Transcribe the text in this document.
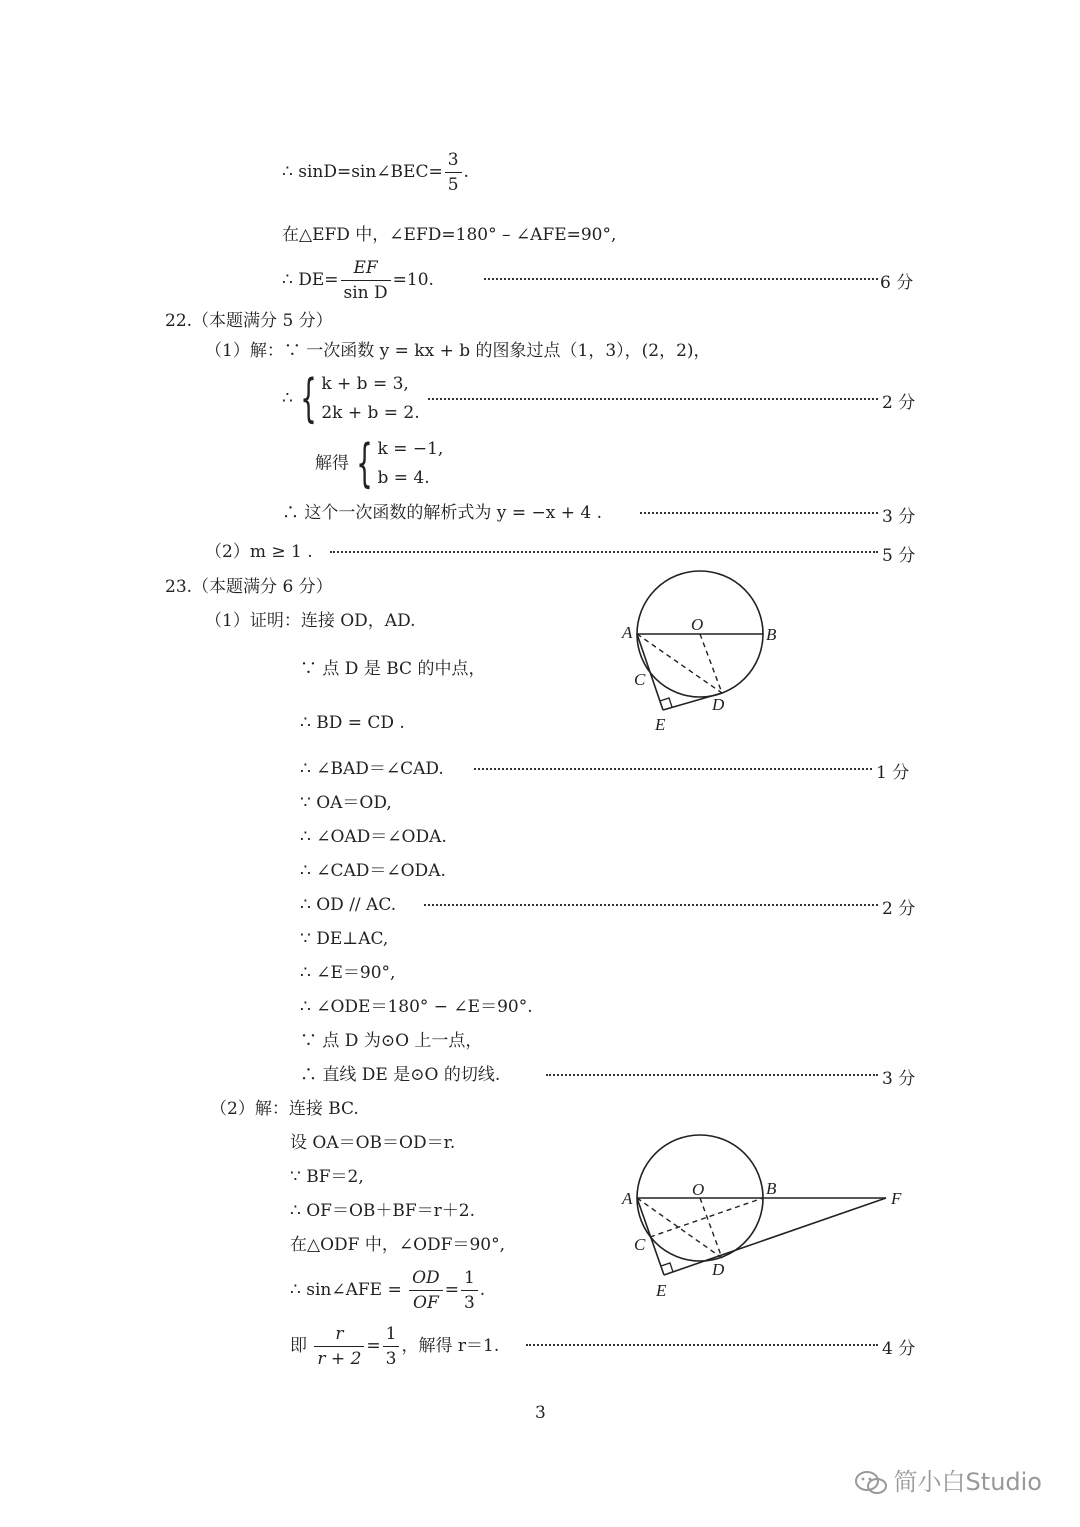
∴ sinD=sin∠BEC= $\frac{3}{5}$ .
在△EFD 中，∠EFD=180° – ∠AFE=90°,
∴ $DE= \frac{EF}{\text{sin D}} =10$.	6 分
22.（本题满分 5 分）
（1）解：∵ 一次函数 y = kx + b 的图象过点（1，3），(2，2)，
∴ { k + b = 3,
2k + b = 2.	2 分
解得 { k = −1,
b = 4.
∴ 这个一次函数的解析式为 y = −x + 4 .	3 分
（2）m ≥ 1 .	5 分
23.（本题满分 6 分）
（1）证明：连接 OD，AD.
∵ 点 D 是 BC 的中点，
∴ BD = CD .
∴ ∠BAD＝∠CAD.	1 分
∵ OA＝OD,
∴ ∠OAD＝∠ODA.
∴ ∠CAD＝∠ODA.
∴ OD // AC.	2 分
∵ DE⊥AC,
∴ ∠E＝90°,
∴ ∠ODE＝180° − ∠E＝90°.
∵ 点 D 为⊙O 上一点，
∴ 直线 DE 是⊙O 的切线.	3 分
（2）解：连接 BC.
设 OA＝OB＝OD＝r.
∵ BF＝2,
∴ OF＝OB＋BF＝r＋2.
在△ODF 中，∠ODF＝90°,
∴ sin∠AFE = $\frac{OD}{OF} = \frac{1}{3}$ .
即 $\frac{r}{r + 2} = \frac{1}{3}$ ，解得 r＝1.	4 分
A	O
B
C
D
E
A	O	B
F
C
D
E
3
简小白Studio
